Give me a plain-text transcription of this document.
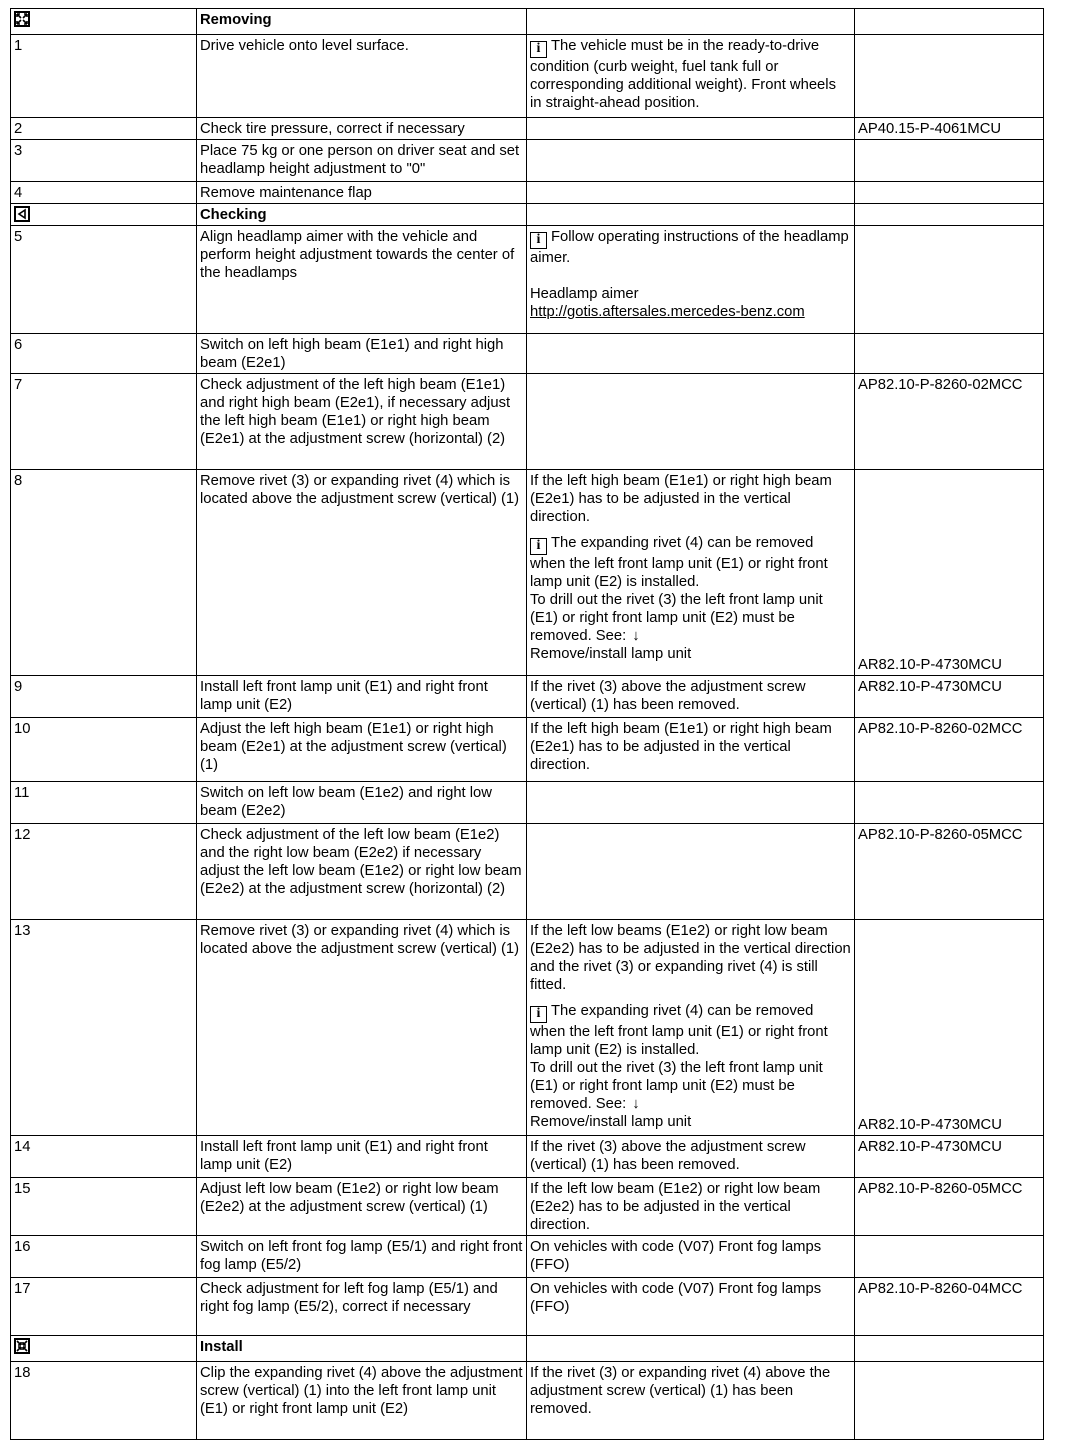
	Removing		
1	Drive vehicle onto level surface.	i The vehicle must be in the ready-to-drive condition (curb weight, fuel tank full or corresponding additional weight). Front wheels in straight-ahead position.	

2	Check tire pressure, correct if necessary		AP40.15-P-4061MCU
3	Place 75 kg or one person on driver seat and set headlamp height adjustment to "0"		
4	Remove maintenance flap		

	Checking		
5	Align headlamp aimer with the vehicle and perform height adjustment towards the center of the headlamps	i Follow operating instructions of the headlamp aimer.
Headlamp aimer
http://gotis.aftersales.mercedes-benz.com	

6	Switch on left high beam (E1e1) and right high beam (E2e1)		
7	Check adjustment of the left high beam (E1e1) and right high beam (E2e1), if necessary adjust the left high beam (E1e1) or right high beam (E2e1) at the adjustment screw (horizontal) (2)		AP82.10-P-8260-02MCC
8	Remove rivet (3) or expanding rivet (4) which is located above the adjustment screw (vertical) (1)	If the left high beam (E1e1) or right high beam (E2e1) has to be adjusted in the vertical direction.
i The expanding rivet (4) can be removed when the left front lamp unit (E1) or right front lamp unit (E2) is installed.
To drill out the rivet (3) the left front lamp unit (E1) or right front lamp unit (E2) must be removed. See: ↓
Remove/install lamp unit	AR82.10-P-4730MCU

9	Install left front lamp unit (E1) and right front lamp unit (E2)	If the rivet (3) above the adjustment screw (vertical) (1) has been removed.	AR82.10-P-4730MCU
10	Adjust the left high beam (E1e1) or right high beam (E2e1) at the adjustment screw (vertical) (1)	If the left high beam (E1e1) or right high beam (E2e1) has to be adjusted in the vertical direction.	AP82.10-P-8260-02MCC
11	Switch on left low beam (E1e2) and right low beam (E2e2)		
12	Check adjustment of the left low beam (E1e2) and the right low beam (E2e2) if necessary adjust the left low beam (E1e2) or right low beam (E2e2) at the adjustment screw (horizontal) (2)		AP82.10-P-8260-05MCC
13	Remove rivet (3) or expanding rivet (4) which is located above the adjustment screw (vertical) (1)	If the left low beams (E1e2) or right low beam (E2e2) has to be adjusted in the vertical direction and the rivet (3) or expanding rivet (4) is still fitted.
i The expanding rivet (4) can be removed when the left front lamp unit (E1) or right front lamp unit (E2) is installed.
To drill out the rivet (3) the left front lamp unit (E1) or right front lamp unit (E2) must be removed. See: ↓
Remove/install lamp unit	AR82.10-P-4730MCU

14	Install left front lamp unit (E1) and right front lamp unit (E2)	If the rivet (3) above the adjustment screw (vertical) (1) has been removed.	AR82.10-P-4730MCU
15	Adjust left low beam (E1e2) or right low beam (E2e2) at the adjustment screw (vertical) (1)	If the left low beam (E1e2) or right low beam (E2e2) has to be adjusted in the vertical direction.	AP82.10-P-8260-05MCC
16	Switch on left front fog lamp (E5/1) and right front fog lamp (E5/2)	On vehicles with code (V07) Front fog lamps (FFO)	

17	Check adjustment for left fog lamp (E5/1) and right fog lamp (E5/2), correct if necessary	On vehicles with code (V07) Front fog lamps (FFO)	AP82.10-P-8260-04MCC

	Install		
18	Clip the expanding rivet (4) above the adjustment screw (vertical) (1) into the left front lamp unit (E1) or right front lamp unit (E2)	If the rivet (3) or expanding rivet (4) above the adjustment screw (vertical) (1) has been removed.	
